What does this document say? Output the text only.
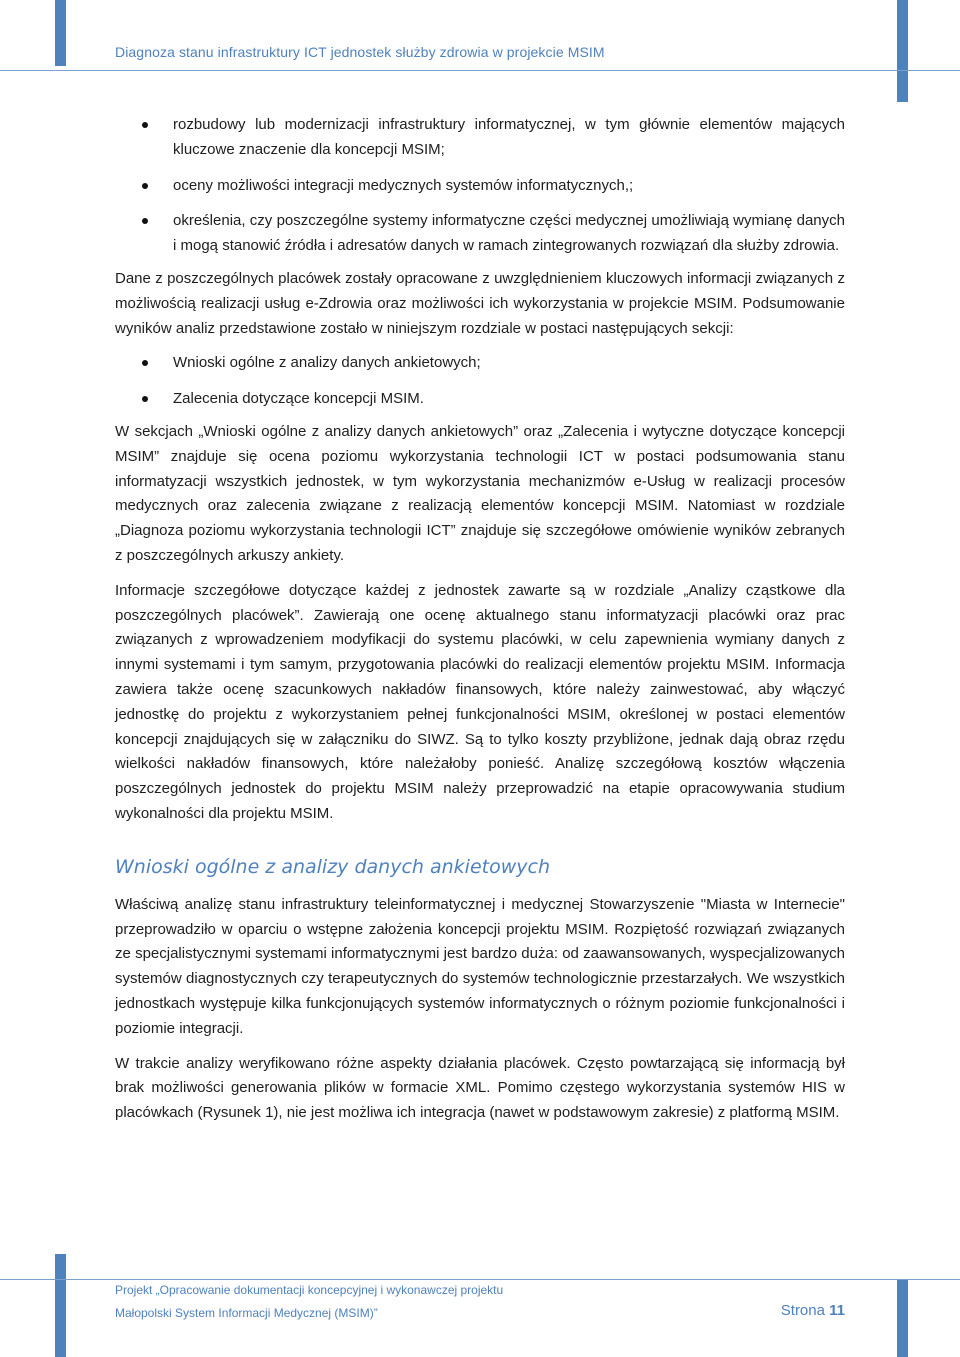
Diagnoza stanu infrastruktury ICT jednostek służby zdrowia w projekcie MSIM
rozbudowy lub modernizacji infrastruktury informatycznej, w tym głównie elementów mających kluczowe znaczenie dla koncepcji MSIM;
oceny możliwości integracji medycznych systemów informatycznych,;
określenia, czy poszczególne systemy informatyczne części medycznej umożliwiają wymianę danych i mogą stanowić źródła i adresatów danych w ramach zintegrowanych rozwiązań dla służby zdrowia.

Dane z poszczególnych placówek zostały opracowane z uwzględnieniem kluczowych informacji związanych z możliwością realizacji usług e-Zdrowia oraz możliwości ich wykorzystania w projekcie MSIM. Podsumowanie wyników analiz przedstawione zostało w niniejszym rozdziale w postaci następujących sekcji:

Wnioski ogólne z analizy danych ankietowych;
Zalecenia dotyczące koncepcji MSIM.

W sekcjach „Wnioski ogólne z analizy danych ankietowych” oraz „Zalecenia i wytyczne dotyczące koncepcji MSIM” znajduje się ocena poziomu wykorzystania technologii ICT w postaci podsumowania stanu informatyzacji wszystkich jednostek, w tym wykorzystania mechanizmów e-Usług w realizacji procesów medycznych oraz zalecenia związane z realizacją elementów koncepcji MSIM. Natomiast w rozdziale „Diagnoza poziomu wykorzystania technologii ICT” znajduje się szczegółowe omówienie wyników zebranych z poszczególnych arkuszy ankiety.

Informacje szczegółowe dotyczące każdej z jednostek zawarte są w rozdziale „Analizy cząstkowe dla poszczególnych placówek”. Zawierają one ocenę aktualnego stanu informatyzacji placówki oraz prac związanych z wprowadzeniem modyfikacji do systemu placówki, w celu zapewnienia wymiany danych z innymi systemami i tym samym, przygotowania placówki do realizacji elementów projektu MSIM. Informacja zawiera także ocenę szacunkowych nakładów finansowych, które należy zainwestować, aby włączyć jednostkę do projektu z wykorzystaniem pełnej funkcjonalności MSIM, określonej w postaci elementów koncepcji znajdujących się w załączniku do SIWZ. Są to tylko koszty przybliżone, jednak dają obraz rzędu wielkości nakładów finansowych, które należałoby ponieść. Analizę szczegółową kosztów włączenia poszczególnych jednostek do projektu MSIM należy przeprowadzić na etapie opracowywania studium wykonalności dla projektu MSIM.

Wnioski ogólne z analizy danych ankietowych

Właściwą analizę stanu infrastruktury teleinformatycznej i medycznej Stowarzyszenie "Miasta w Internecie" przeprowadziło w oparciu o wstępne założenia koncepcji projektu MSIM. Rozpiętość rozwiązań związanych ze specjalistycznymi systemami informatycznymi jest bardzo duża: od zaawansowanych, wyspecjalizowanych systemów diagnostycznych czy terapeutycznych do systemów technologicznie przestarzałych. We wszystkich jednostkach występuje kilka funkcjonujących systemów informatycznych o różnym poziomie funkcjonalności i poziomie integracji.

W trakcie analizy weryfikowano różne aspekty działania placówek. Często powtarzającą się informacją był brak możliwości generowania plików w formacie XML. Pomimo częstego wykorzystania systemów HIS w placówkach (Rysunek 1), nie jest możliwa ich integracja (nawet w podstawowym zakresie) z platformą MSIM.

Projekt „Opracowanie dokumentacji koncepcyjnej i wykonawczej projektu
Małopolski System Informacji Medycznej (MSIM)”	Strona 11
